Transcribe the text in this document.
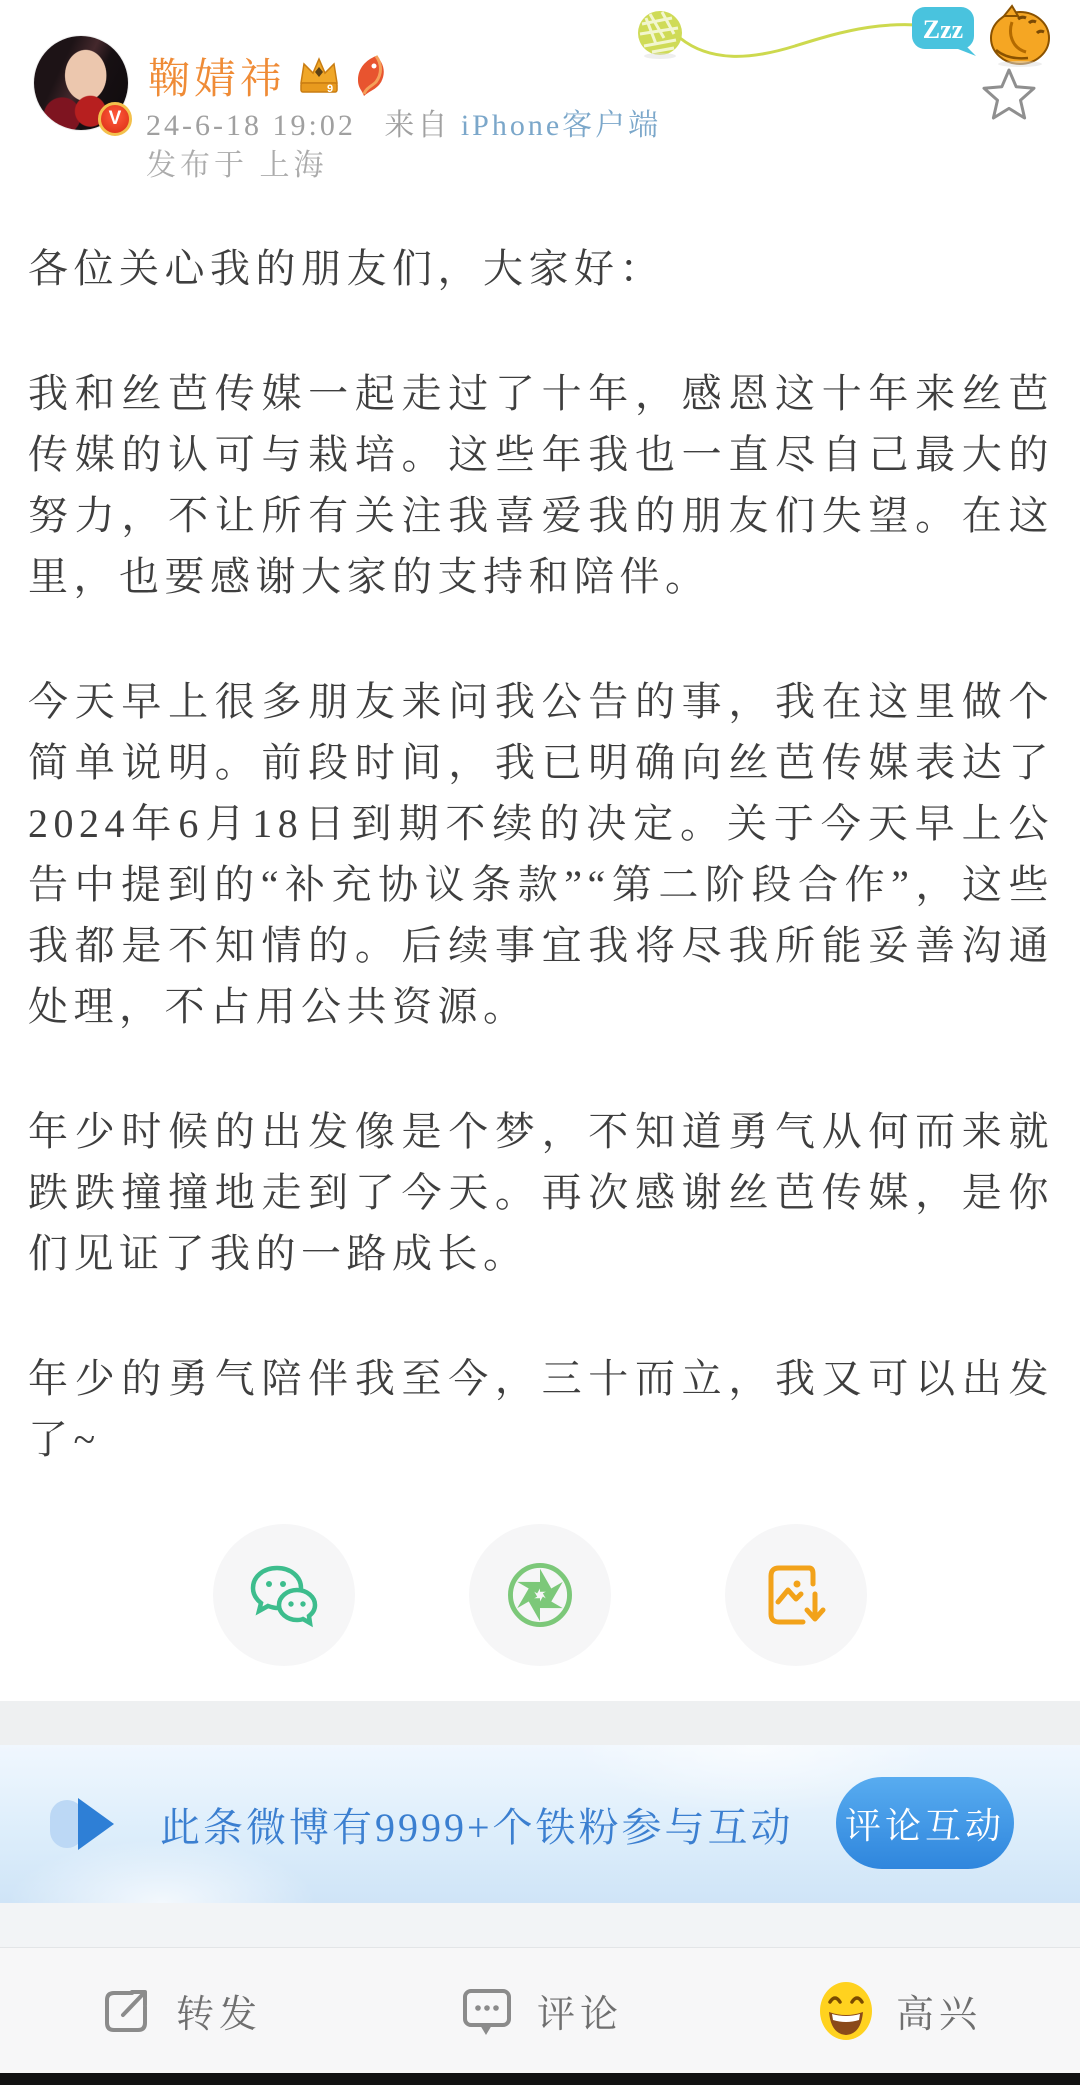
Zzz
V
鞠婧祎	9
24-6-18 19:02 来自 iPhone客户端
发布于 上海

各位关心我的朋友们，大家好：

我和丝芭传媒一起走过了十年，感恩这十年来丝芭传媒的认可与栽培。这些年我也一直尽自己最大的努力，不让所有关注我喜爱我的朋友们失望。在这里，也要感谢大家的支持和陪伴。

今天早上很多朋友来问我公告的事，我在这里做个简单说明。前段时间，我已明确向丝芭传媒表达了2024年6月18日到期不续的决定。关于今天早上公告中提到的“补充协议条款”“第二阶段合作”，这些我都是不知情的。后续事宜我将尽我所能妥善沟通处理，不占用公共资源。

年少时候的出发像是个梦，不知道勇气从何而来就跌跌撞撞地走到了今天。再次感谢丝芭传媒，是你们见证了我的一路成长。

年少的勇气陪伴我至今，三十而立，我又可以出发了~

此条微博有9999+个铁粉参与互动 评论互动
转发	评论	高兴
